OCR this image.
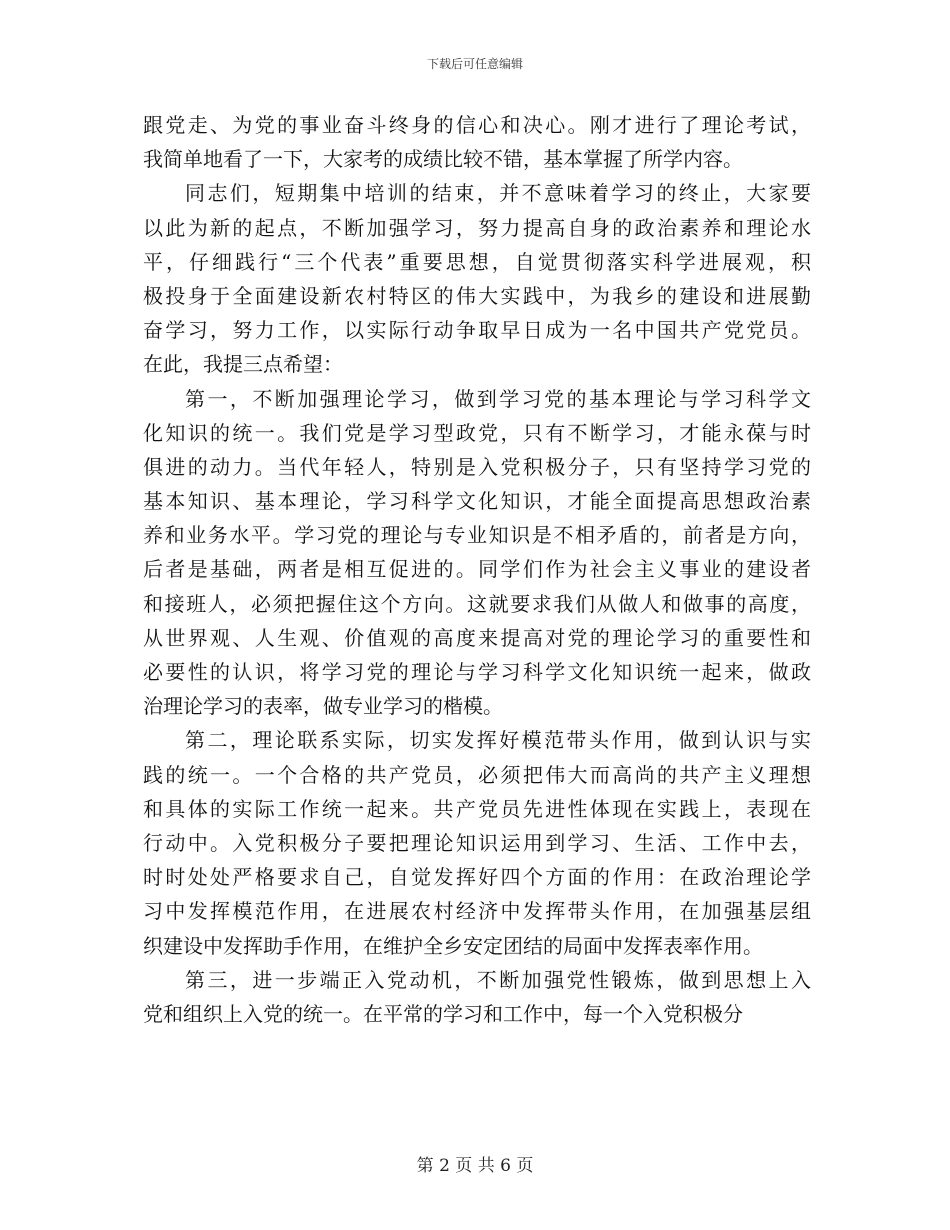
下载后可任意编辑
跟党走、为党的事业奋斗终身的信心和决心。刚才进行了理论考试，
我简单地看了一下，大家考的成绩比较不错，基本掌握了所学内容。
同志们，短期集中培训的结束，并不意味着学习的终止，大家要
以此为新的起点，不断加强学习，努力提高自身的政治素养和理论水
平，仔细践行“三个代表”重要思想，自觉贯彻落实科学进展观，积
极投身于全面建设新农村特区的伟大实践中，为我乡的建设和进展勤
奋学习，努力工作，以实际行动争取早日成为一名中国共产党党员。
在此，我提三点希望：
第一，不断加强理论学习，做到学习党的基本理论与学习科学文
化知识的统一。我们党是学习型政党，只有不断学习，才能永葆与时
俱进的动力。当代年轻人，特别是入党积极分子，只有坚持学习党的
基本知识、基本理论，学习科学文化知识，才能全面提高思想政治素
养和业务水平。学习党的理论与专业知识是不相矛盾的，前者是方向，
后者是基础，两者是相互促进的。同学们作为社会主义事业的建设者
和接班人，必须把握住这个方向。这就要求我们从做人和做事的高度，
从世界观、人生观、价值观的高度来提高对党的理论学习的重要性和
必要性的认识，将学习党的理论与学习科学文化知识统一起来，做政
治理论学习的表率，做专业学习的楷模。
第二，理论联系实际，切实发挥好模范带头作用，做到认识与实
践的统一。一个合格的共产党员，必须把伟大而高尚的共产主义理想
和具体的实际工作统一起来。共产党员先进性体现在实践上，表现在
行动中。入党积极分子要把理论知识运用到学习、生活、工作中去，
时时处处严格要求自己，自觉发挥好四个方面的作用：在政治理论学
习中发挥模范作用，在进展农村经济中发挥带头作用，在加强基层组
织建设中发挥助手作用，在维护全乡安定团结的局面中发挥表率作用。
第三，进一步端正入党动机，不断加强党性锻炼，做到思想上入
党和组织上入党的统一。在平常的学习和工作中，每一个入党积极分
第 2 页 共 6 页
